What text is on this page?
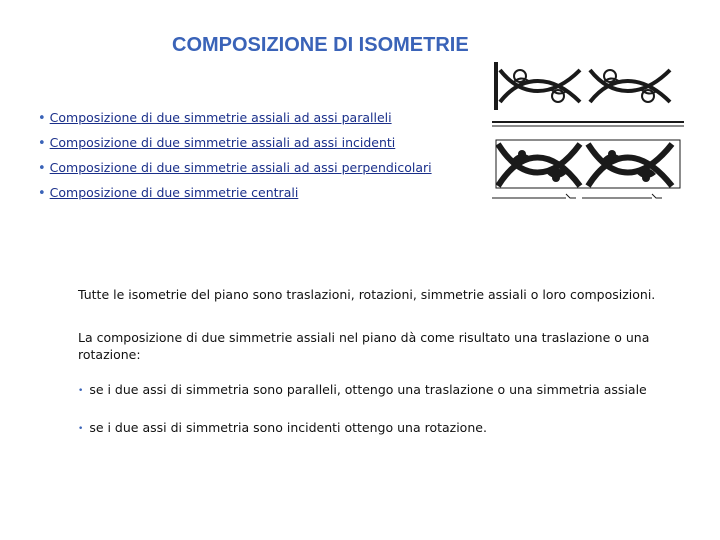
COMPOSIZIONE DI ISOMETRIE
• Composizione di due simmetrie assiali ad assi paralleli
• Composizione di due simmetrie assiali ad assi incidenti
• Composizione di due simmetrie assiali ad assi perpendicolari
• Composizione di due simmetrie centrali

Tutte le isometrie del piano sono traslazioni, rotazioni, simmetrie assiali o loro composizioni.

La composizione di due simmetrie assiali nel piano dà come risultato una traslazione o una rotazione:

• se i due assi di simmetria sono paralleli, ottengo una traslazione o una simmetria assiale

• se i due assi di simmetria sono incidenti ottengo una rotazione.
